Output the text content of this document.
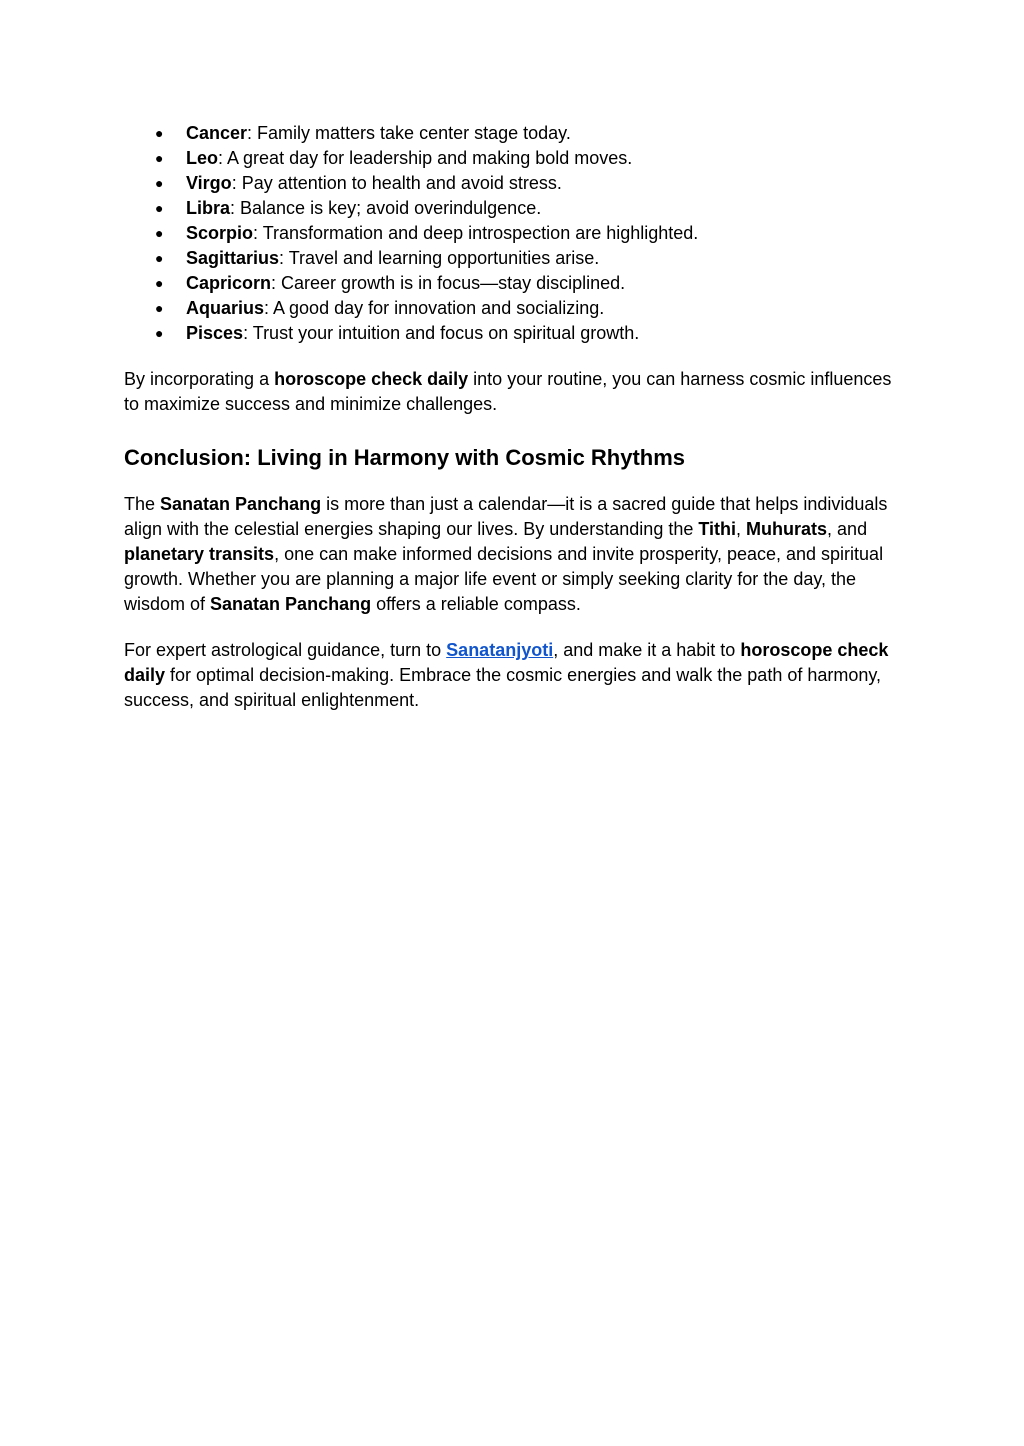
● Cancer: Family matters take center stage today.
● Leo: A great day for leadership and making bold moves.
● Virgo: Pay attention to health and avoid stress.
● Libra: Balance is key; avoid overindulgence.
● Scorpio: Transformation and deep introspection are highlighted.
● Sagittarius: Travel and learning opportunities arise.
● Capricorn: Career growth is in focus—stay disciplined.
● Aquarius: A good day for innovation and socializing.
● Pisces: Trust your intuition and focus on spiritual growth.

By incorporating a horoscope check daily into your routine, you can harness cosmic influences to maximize success and minimize challenges.

Conclusion: Living in Harmony with Cosmic Rhythms

The Sanatan Panchang is more than just a calendar—it is a sacred guide that helps individuals align with the celestial energies shaping our lives. By understanding the Tithi, Muhurats, and planetary transits, one can make informed decisions and invite prosperity, peace, and spiritual growth. Whether you are planning a major life event or simply seeking clarity for the day, the wisdom of Sanatan Panchang offers a reliable compass.

For expert astrological guidance, turn to Sanatanjyoti, and make it a habit to horoscope check daily for optimal decision-making. Embrace the cosmic energies and walk the path of harmony, success, and spiritual enlightenment.
